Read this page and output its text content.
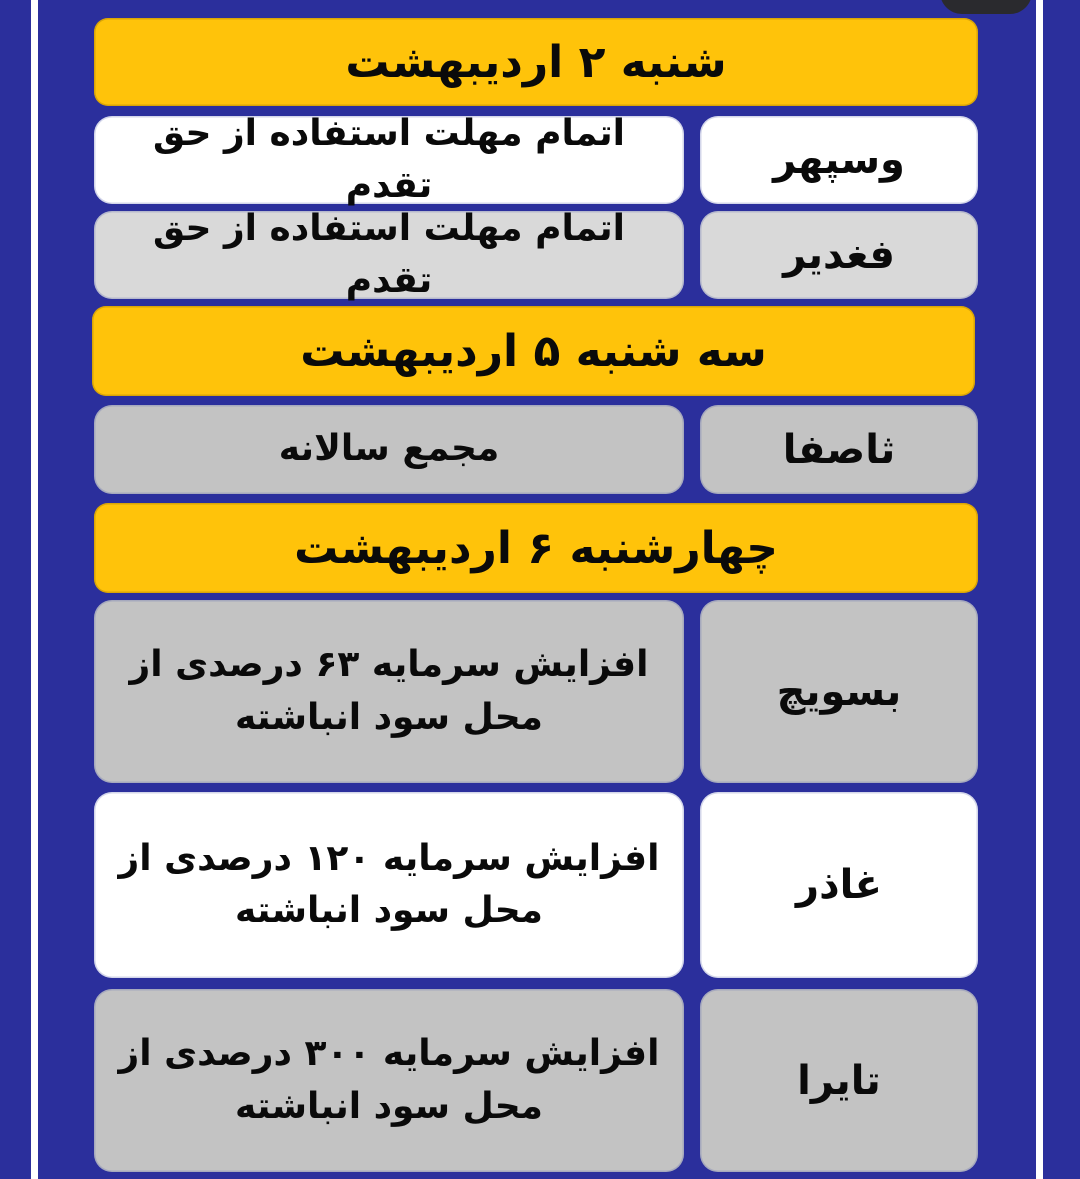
شنبه ۲ اردیبهشت
وسپهر
اتمام مهلت استفاده از حق تقدم
فغدیر
اتمام مهلت استفاده از حق تقدم
سه شنبه ۵ اردیبهشت
ثاصفا
مجمع سالانه
چهارشنبه ۶ اردیبهشت
بسویچ
افزایش سرمایه ۶۳ درصدی از محل سود انباشته
غاذر
افزایش سرمایه ۱۲۰ درصدی از محل سود انباشته
تایرا
افزایش سرمایه ۳۰۰ درصدی از محل سود انباشته
